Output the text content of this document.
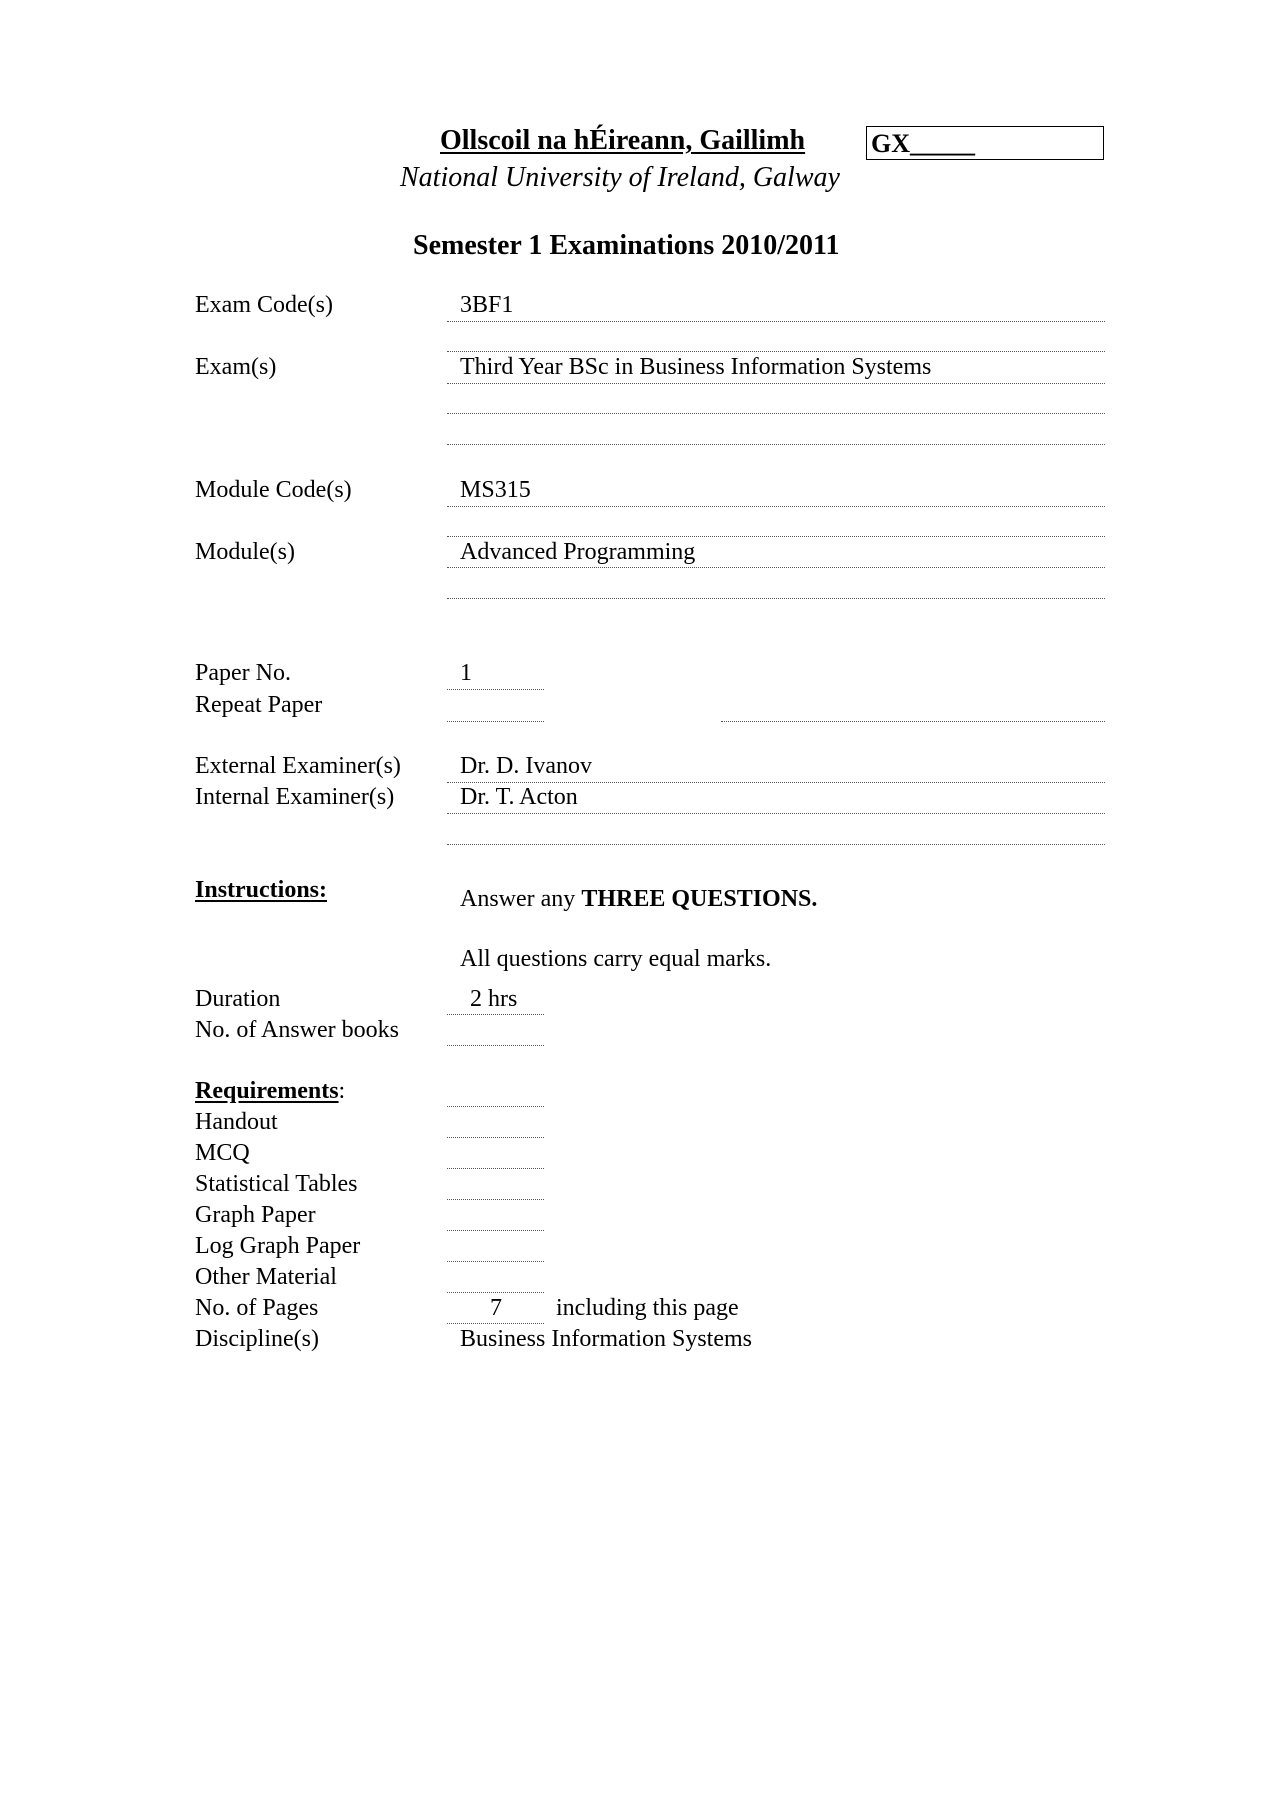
Ollscoil na hÉireann, Gaillimh	GX_____
National University of Ireland, Galway
Semester 1 Examinations 2010/2011
Exam Code(s)	3BF1
Exam(s)	Third Year BSc in Business Information Systems
Module Code(s)	MS315
Module(s)	Advanced Programming
Paper No.	1
Repeat Paper
External Examiner(s) Dr. D. Ivanov
Internal Examiner(s)	Dr. T. Acton
Instructions:	Answer any THREE QUESTIONS.
All questions carry equal marks.
Duration	2 hrs
No. of Answer books
Requirements:
Handout
MCQ
Statistical Tables
Graph Paper
Log Graph Paper
Other Material
No. of Pages	7 including this page
Discipline(s)	Business Information Systems
